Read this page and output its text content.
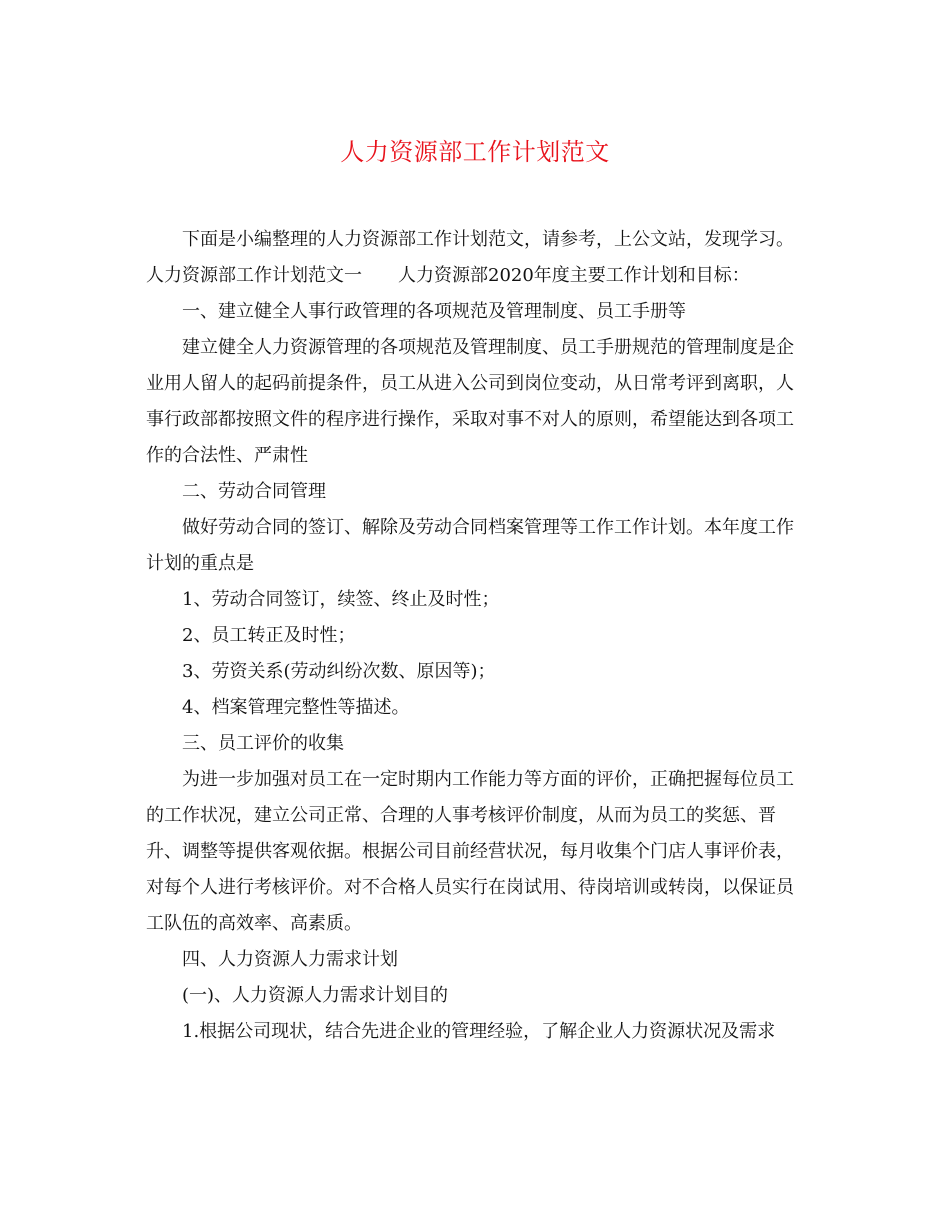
人力资源部工作计划范文

下面是小编整理的人力资源部工作计划范文，请参考，上公文站，发现学习。

人力资源部工作计划范文一 人力资源部2020年度主要工作计划和目标：

一、建立健全人事行政管理的各项规范及管理制度、员工手册等

建立健全人力资源管理的各项规范及管理制度、员工手册规范的管理制度是企业用人留人的起码前提条件，员工从进入公司到岗位变动，从日常考评到离职，人事行政部都按照文件的程序进行操作，采取对事不对人的原则，希望能达到各项工作的合法性、严肃性

二、劳动合同管理

做好劳动合同的签订、解除及劳动合同档案管理等工作工作计划。本年度工作计划的重点是

1、劳动合同签订，续签、终止及时性；

2、员工转正及时性；

3、劳资关系(劳动纠纷次数、原因等)；

4、档案管理完整性等描述。

三、员工评价的收集

为进一步加强对员工在一定时期内工作能力等方面的评价，正确把握每位员工的工作状况，建立公司正常、合理的人事考核评价制度，从而为员工的奖惩、晋升、调整等提供客观依据。根据公司目前经营状况，每月收集个门店人事评价表，对每个人进行考核评价。对不合格人员实行在岗试用、待岗培训或转岗，以保证员工队伍的高效率、高素质。

四、人力资源人力需求计划

(一)、人力资源人力需求计划目的

1.根据公司现状，结合先进企业的管理经验，了解企业人力资源状况及需求
